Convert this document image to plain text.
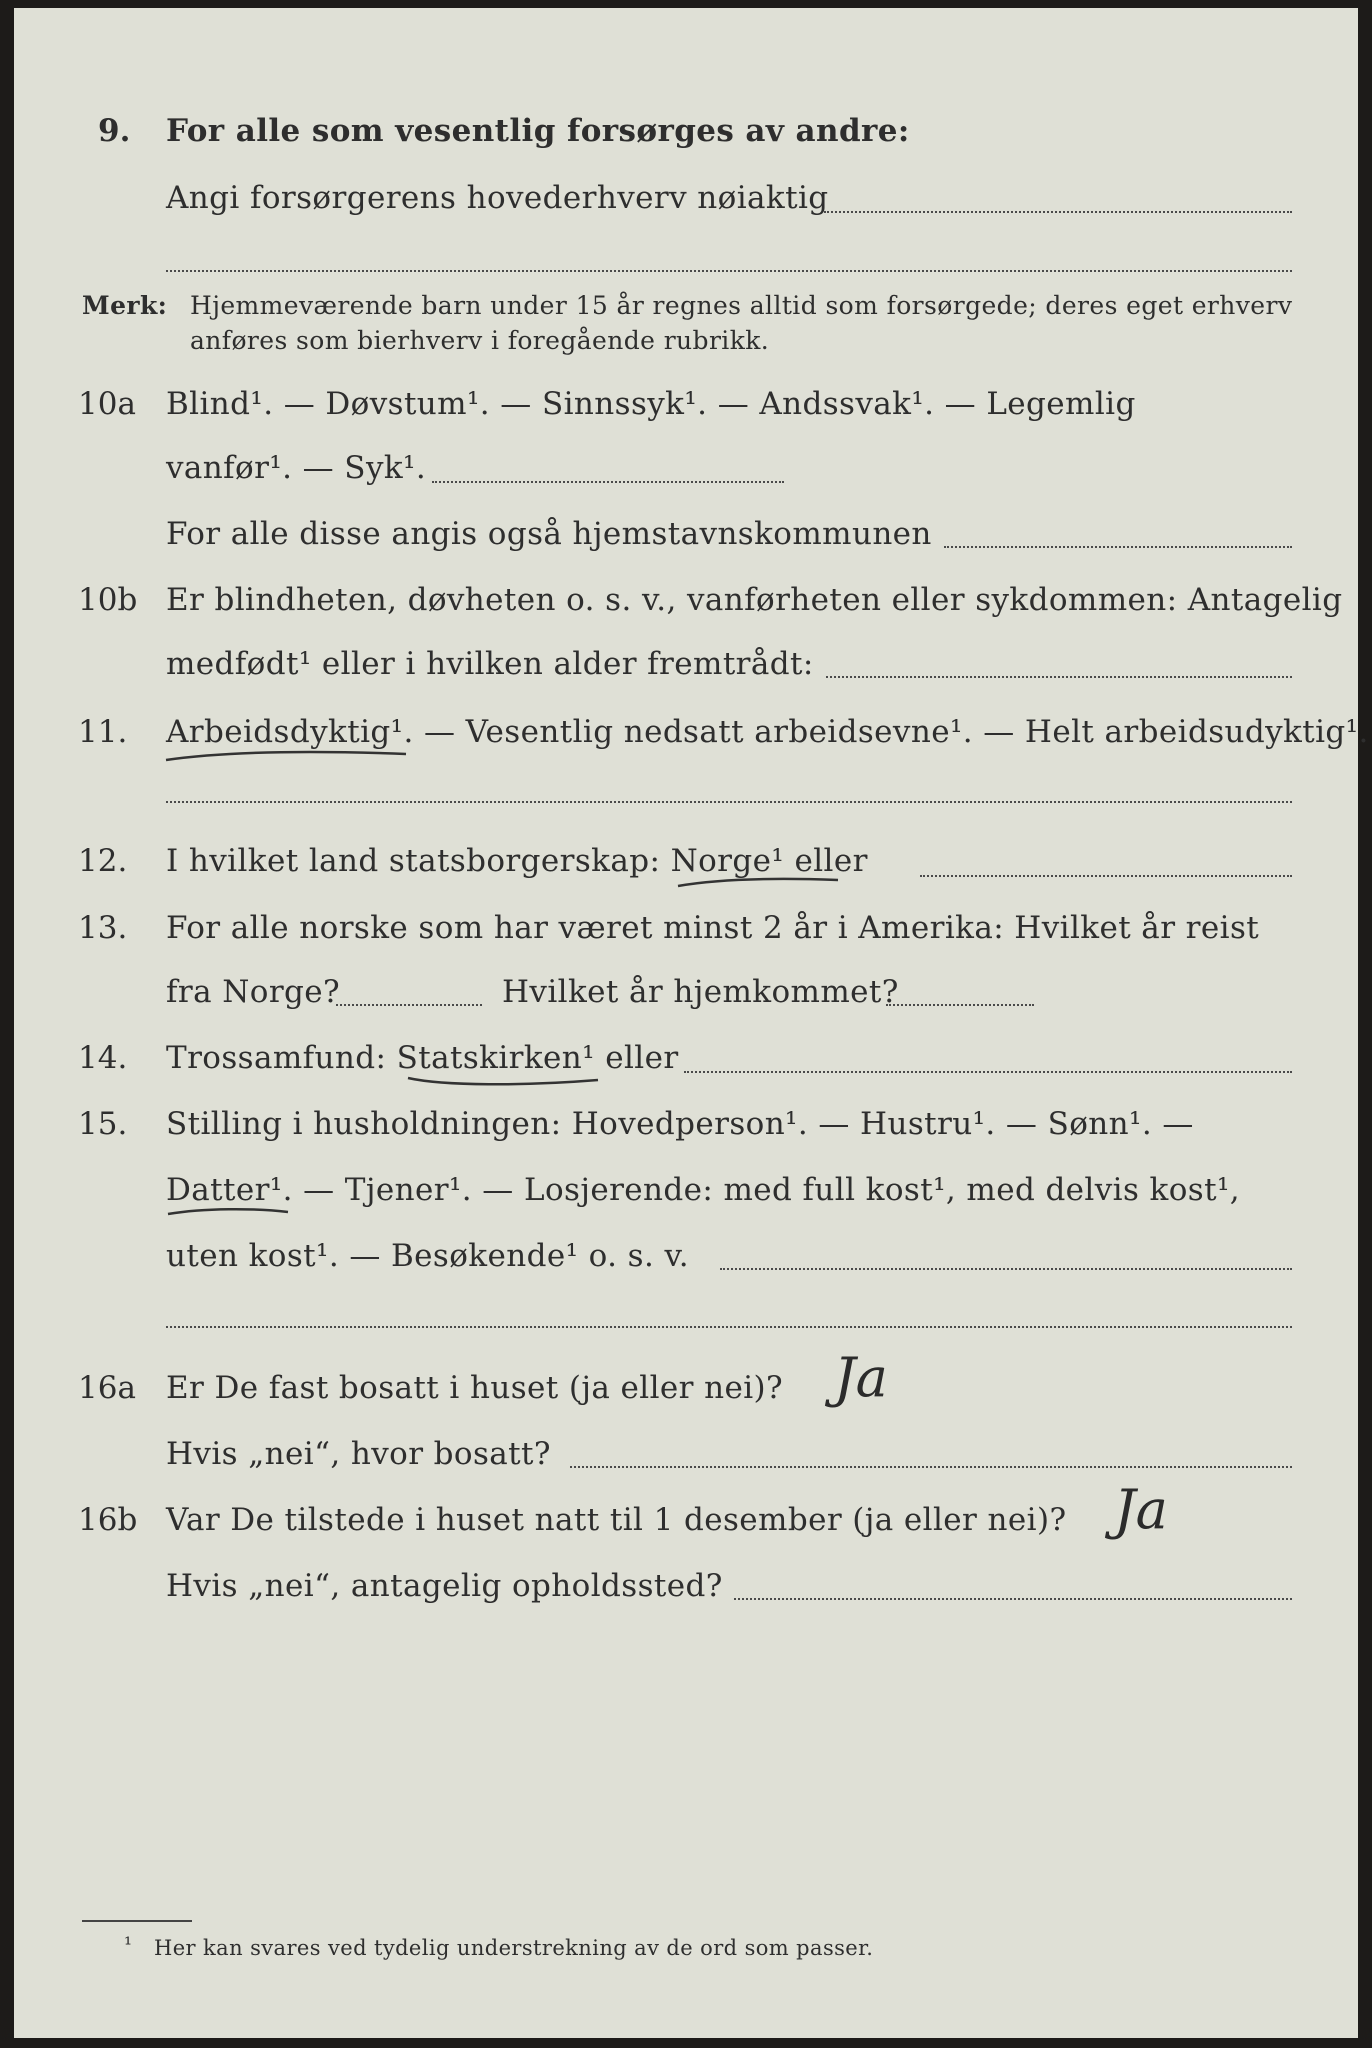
9. For alle som vesentlig forsørges av andre:
Angi forsørgerens hovederhverv nøiaktig
Merk: Hjemmeværende barn under 15 år regnes alltid som forsørgede; deres eget erhverv
anføres som bierhverv i foregående rubrikk.
10a Blind¹. — Døvstum¹. — Sinnssyk¹. — Andssvak¹. — Legemlig
vanfør¹. — Syk¹.
For alle disse angis også hjemstavnskommunen
10b Er blindheten, døvheten o. s. v., vanførheten eller sykdommen: Antagelig
medfødt¹ eller i hvilken alder fremtrådt:
11. Arbeidsdyktig¹. — Vesentlig nedsatt arbeidsevne¹. — Helt arbeidsudyktig¹.
12. I hvilket land statsborgerskap: Norge¹ eller
13. For alle norske som har været minst 2 år i Amerika: Hvilket år reist
fra Norge?	Hvilket år hjemkommet?
14. Trossamfund: Statskirken¹ eller
15. Stilling i husholdningen: Hovedperson¹. — Hustru¹. — Sønn¹. —
Datter¹. — Tjener¹. — Losjerende: med full kost¹, med delvis kost¹,
uten kost¹. — Besøkende¹ o. s. v.
16a Er De fast bosatt i huset (ja eller nei)? Ja
Hvis „nei“, hvor bosatt?
16b Var De tilstede i huset natt til 1 desember (ja eller nei)? Ja
Hvis „nei“, antagelig opholdssted?
¹ Her kan svares ved tydelig understrekning av de ord som passer.
